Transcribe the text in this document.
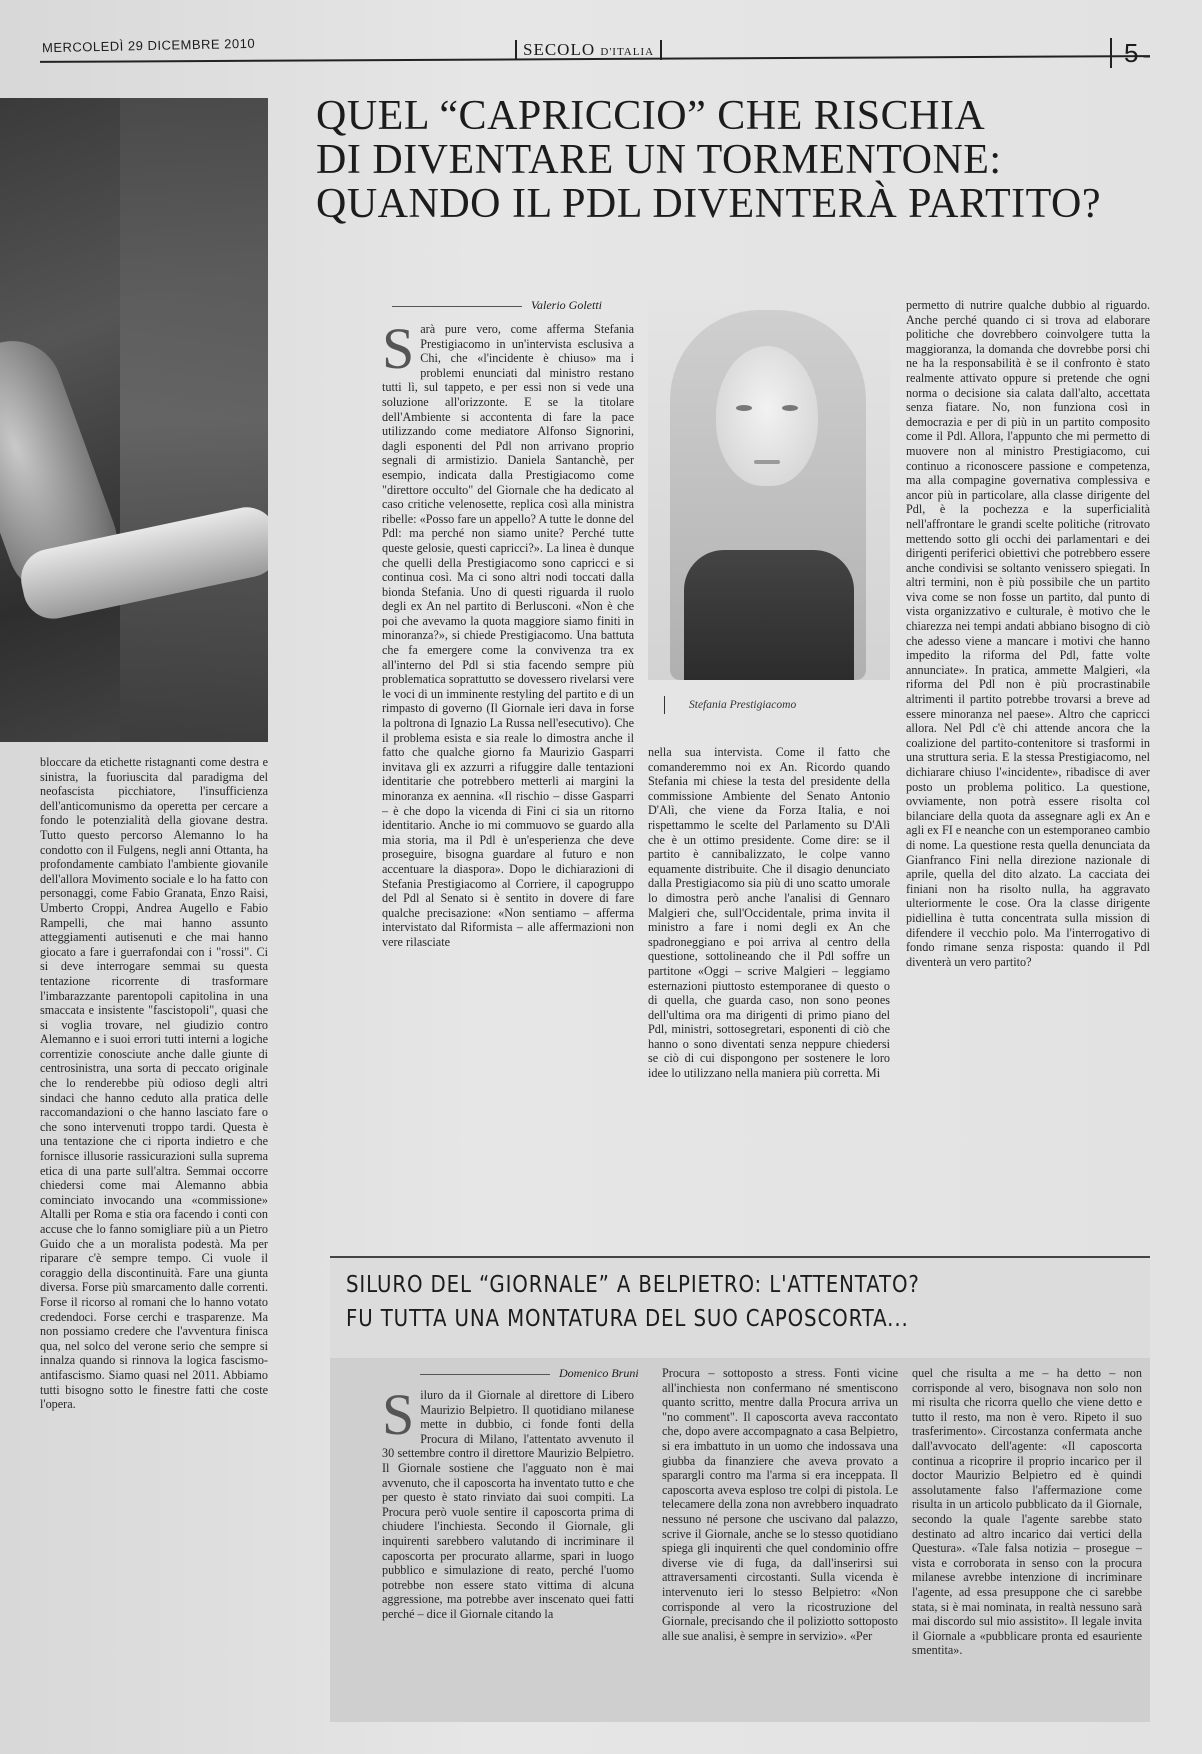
MERCOLEDÌ 29 DICEMBRE 2010	SECOLO D'ITALIA	5
QUEL “CAPRICCIO” CHE RISCHIA
DI DIVENTARE UN TORMENTONE:
QUANDO IL PDL DIVENTERÀ PARTITO?

bloccare da etichette ristagnanti come destra e sinistra, la fuoriuscita dal paradigma del neofascista picchiatore, l'insufficienza dell'anticomunismo da operetta per cercare a fondo le potenzialità della giovane destra. Tutto questo percorso Alemanno lo ha condotto con il Fulgens, negli anni Ottanta, ha profondamente cambiato l'ambiente giovanile dell'allora Movimento sociale e lo ha fatto con personaggi, come Fabio Granata, Enzo Raisi, Umberto Croppi, Andrea Augello e Fabio Rampelli, che mai hanno assunto atteggiamenti autisenuti e che mai hanno giocato a fare i guerrafondai con i "rossi". Ci si deve interrogare semmai su questa tentazione ricorrente di trasformare l'imbarazzante parentopoli capitolina in una smaccata e insistente "fascistopoli", quasi che si voglia trovare, nel giudizio contro Alemanno e i suoi errori tutti interni a logiche correntizie conosciute anche dalle giunte di centrosinistra, una sorta di peccato originale che lo renderebbe più odioso degli altri sindaci che hanno ceduto alla pratica delle raccomandazioni o che hanno lasciato fare o che sono intervenuti troppo tardi. Questa è una tentazione che ci riporta indietro e che fornisce illusorie rassicurazioni sulla suprema etica di una parte sull'altra. Semmai occorre chiedersi come mai Alemanno abbia cominciato invocando una «commissione» Altalli per Roma e stia ora facendo i conti con accuse che lo fanno somigliare più a un Pietro Guido che a un moralista podestà. Ma per riparare c'è sempre tempo. Ci vuole il coraggio della discontinuità. Fare una giunta diversa. Forse più smarcamento dalle correnti. Forse il ricorso al romani che lo hanno votato credendoci. Forse cerchi e trasparenze. Ma non possiamo credere che l'avventura finisca qua, nel solco del verone serio che sempre si innalza quando si rinnova la logica fascismo-antifascismo. Siamo quasi nel 2011. Abbiamo tutti bisogno sotto le finestre fatti che coste l'opera.

Valerio Goletti

Sarà pure vero, come afferma Stefania Prestigiacomo in un'intervista esclusiva a Chi, che «l'incidente è chiuso» ma i problemi enunciati dal ministro restano tutti lì, sul tappeto, e per essi non si vede una soluzione all'orizzonte. E se la titolare dell'Ambiente si accontenta di fare la pace utilizzando come mediatore Alfonso Signorini, dagli esponenti del Pdl non arrivano proprio segnali di armistizio. Daniela Santanchè, per esempio, indicata dalla Prestigiacomo come "direttore occulto" del Giornale che ha dedicato al caso critiche velenosette, replica così alla ministra ribelle: «Posso fare un appello? A tutte le donne del Pdl: ma perché non siamo unite? Perché tutte queste gelosie, questi capricci?». La linea è dunque che quelli della Prestigiacomo sono capricci e si continua così. Ma ci sono altri nodi toccati dalla bionda Stefania. Uno di questi riguarda il ruolo degli ex An nel partito di Berlusconi. «Non è che poi che avevamo la quota maggiore siamo finiti in minoranza?», si chiede Prestigiacomo. Una battuta che fa emergere come la convivenza tra ex all'interno del Pdl si stia facendo sempre più problematica soprattutto se dovessero rivelarsi vere le voci di un imminente restyling del partito e di un rimpasto di governo (Il Giornale ieri dava in forse la poltrona di Ignazio La Russa nell'esecutivo). Che il problema esista e sia reale lo dimostra anche il fatto che qualche giorno fa Maurizio Gasparri invitava gli ex azzurri a rifuggire dalle tentazioni identitarie che potrebbero metterli ai margini la minoranza ex aennina. «Il rischio – disse Gasparri – è che dopo la vicenda di Fini ci sia un ritorno identitario. Anche io mi commuovo se guardo alla mia storia, ma il Pdl è un'esperienza che deve proseguire, bisogna guardare al futuro e non accentuare la diaspora». Dopo le dichiarazioni di Stefania Prestigiacomo al Corriere, il capogruppo del Pdl al Senato si è sentito in dovere di fare qualche precisazione: «Non sentiamo – afferma intervistato dal Riformista – alle affermazioni non vere rilasciate

Stefania Prestigiacomo

nella sua intervista. Come il fatto che comanderemmo noi ex An. Ricordo quando Stefania mi chiese la testa del presidente della commissione Ambiente del Senato Antonio D'Alì, che viene da Forza Italia, e noi rispettammo le scelte del Parlamento su D'Alì che è un ottimo presidente. Come dire: se il partito è cannibalizzato, le colpe vanno equamente distribuite. Che il disagio denunciato dalla Prestigiacomo sia più di uno scatto umorale lo dimostra però anche l'analisi di Gennaro Malgieri che, sull'Occidentale, prima invita il ministro a fare i nomi degli ex An che spadroneggiano e poi arriva al centro della questione, sottolineando che il Pdl soffre un partitone «Oggi – scrive Malgieri – leggiamo esternazioni piuttosto estemporanee di questo o di quella, che guarda caso, non sono peones dell'ultima ora ma dirigenti di primo piano del Pdl, ministri, sottosegretari, esponenti di ciò che hanno o sono diventati senza neppure chiedersi se ciò di cui dispongono per sostenere le loro idee lo utilizzano nella maniera più corretta. Mi

permetto di nutrire qualche dubbio al riguardo. Anche perché quando ci si trova ad elaborare politiche che dovrebbero coinvolgere tutta la maggioranza, la domanda che dovrebbe porsi chi ne ha la responsabilità è se il confronto è stato realmente attivato oppure si pretende che ogni norma o decisione sia calata dall'alto, accettata senza fiatare. No, non funziona così in democrazia e per di più in un partito composito come il Pdl. Allora, l'appunto che mi permetto di muovere non al ministro Prestigiacomo, cui continuo a riconoscere passione e competenza, ma alla compagine governativa complessiva e ancor più in particolare, alla classe dirigente del Pdl, è la pochezza e la superficialità nell'affrontare le grandi scelte politiche (ritrovato mettendo sotto gli occhi dei parlamentari e dei dirigenti periferici obiettivi che potrebbero essere anche condivisi se soltanto venissero spiegati. In altri termini, non è più possibile che un partito viva come se non fosse un partito, dal punto di vista organizzativo e culturale, è motivo che le chiarezza nei tempi andati abbiano bisogno di ciò che adesso viene a mancare i motivi che hanno impedito la riforma del Pdl, fatte volte annunciate». In pratica, ammette Malgieri, «la riforma del Pdl non è più procrastinabile altrimenti il partito potrebbe trovarsi a breve ad essere minoranza nel paese». Altro che capricci allora. Nel Pdl c'è chi attende ancora che la coalizione del partito-contenitore si trasformi in una struttura seria. E la stessa Prestigiacomo, nel dichiarare chiuso l'«incidente», ribadisce di aver posto un problema politico. La questione, ovviamente, non potrà essere risolta col bilanciare della quota da assegnare agli ex An e agli ex FI e neanche con un estemporaneo cambio di nome. La questione resta quella denunciata da Gianfranco Fini nella direzione nazionale di aprile, quella del dito alzato. La cacciata dei finiani non ha risolto nulla, ha aggravato ulteriormente le cose. Ora la classe dirigente pidiellina è tutta concentrata sulla mission di difendere il vecchio polo. Ma l'interrogativo di fondo rimane senza risposta: quando il Pdl diventerà un vero partito?

SILURO DEL “GIORNALE” A BELPIETRO: L'ATTENTATO?
FU TUTTA UNA MONTATURA DEL SUO CAPOSCORTA...
Domenico Bruni

Siluro da il Giornale al direttore di Libero Maurizio Belpietro. Il quotidiano milanese mette in dubbio, ci fonde fonti della Procura di Milano, l'attentato avvenuto il 30 settembre contro il direttore Maurizio Belpietro. Il Giornale sostiene che l'agguato non è mai avvenuto, che il caposcorta ha inventato tutto e che per questo è stato rinviato dai suoi compiti. La Procura però vuole sentire il caposcorta prima di chiudere l'inchiesta. Secondo il Giornale, gli inquirenti sarebbero valutando di incriminare il caposcorta per procurato allarme, spari in luogo pubblico e simulazione di reato, perché l'uomo potrebbe non essere stato vittima di alcuna aggressione, ma potrebbe aver inscenato quei fatti perché – dice il Giornale citando la

Procura – sottoposto a stress. Fonti vicine all'inchiesta non confermano né smentiscono quanto scritto, mentre dalla Procura arriva un "no comment". Il caposcorta aveva raccontato che, dopo avere accompagnato a casa Belpietro, si era imbattuto in un uomo che indossava una giubba da finanziere che aveva provato a sparargli contro ma l'arma si era inceppata. Il caposcorta aveva esploso tre colpi di pistola. Le telecamere della zona non avrebbero inquadrato nessuno né persone che uscivano dal palazzo, scrive il Giornale, anche se lo stesso quotidiano spiega gli inquirenti che quel condominio offre diverse vie di fuga, da dall'inserirsi sui attraversamenti circostanti. Sulla vicenda è intervenuto ieri lo stesso Belpietro: «Non corrisponde al vero la ricostruzione del Giornale, precisando che il poliziotto sottoposto alle sue analisi, è sempre in servizio». «Per

quel che risulta a me – ha detto – non corrisponde al vero, bisognava non solo non mi risulta che ricorra quello che viene detto e tutto il resto, ma non è vero. Ripeto il suo trasferimento». Circostanza confermata anche dall'avvocato dell'agente: «Il caposcorta continua a ricoprire il proprio incarico per il doctor Maurizio Belpietro ed è quindi assolutamente falso l'affermazione come risulta in un articolo pubblicato da il Giornale, secondo la quale l'agente sarebbe stato destinato ad altro incarico dai vertici della Questura». «Tale falsa notizia – prosegue – vista e corroborata in senso con la procura milanese avrebbe intenzione di incriminare l'agente, ad essa presuppone che ci sarebbe stata, si è mai nominata, in realtà nessuno sarà mai discordo sul mio assistito». Il legale invita il Giornale a «pubblicare pronta ed esauriente smentita».
